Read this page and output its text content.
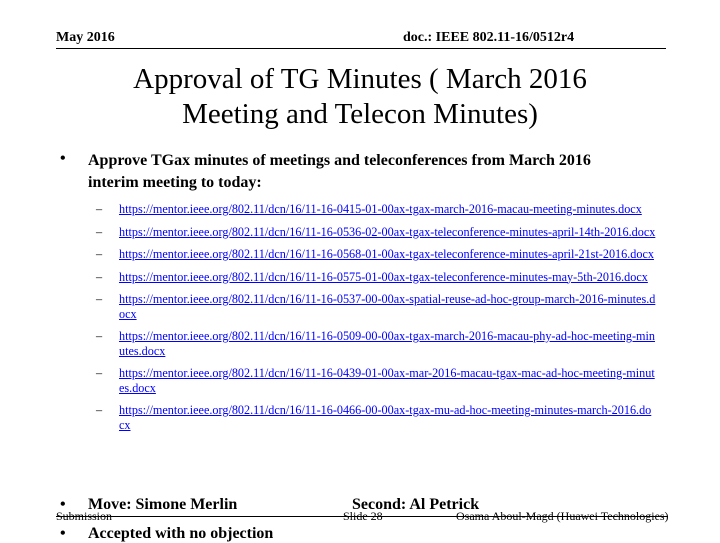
May 2016	doc.: IEEE 802.11-16/0512r4
Approval of TG Minutes ( March 2016
Meeting and Telecon Minutes)
• Approve TGax minutes of meetings and teleconferences from March 2016 interim meeting to today:
– https://mentor.ieee.org/802.11/dcn/16/11-16-0415-01-00ax-tgax-march-2016-macau-meeting-minutes.docx
– https://mentor.ieee.org/802.11/dcn/16/11-16-0536-02-00ax-tgax-teleconference-minutes-april-14th-2016.docx
– https://mentor.ieee.org/802.11/dcn/16/11-16-0568-01-00ax-tgax-teleconference-minutes-april-21st-2016.docx
– https://mentor.ieee.org/802.11/dcn/16/11-16-0575-01-00ax-tgax-teleconference-minutes-may-5th-2016.docx
– https://mentor.ieee.org/802.11/dcn/16/11-16-0537-00-00ax-spatial-reuse-ad-hoc-group-march-2016-minutes.docx
– https://mentor.ieee.org/802.11/dcn/16/11-16-0509-00-00ax-tgax-march-2016-macau-phy-ad-hoc-meeting-minutes.docx
– https://mentor.ieee.org/802.11/dcn/16/11-16-0439-01-00ax-mar-2016-macau-tgax-mac-ad-hoc-meeting-minutes.docx
– https://mentor.ieee.org/802.11/dcn/16/11-16-0466-00-00ax-tgax-mu-ad-hoc-meeting-minutes-march-2016.docx
• Move: Simone Merlin	Second: Al Petrick
• Accepted with no objection
Submission	Slide 28	Osama Aboul-Magd (Huawei Technologies)
